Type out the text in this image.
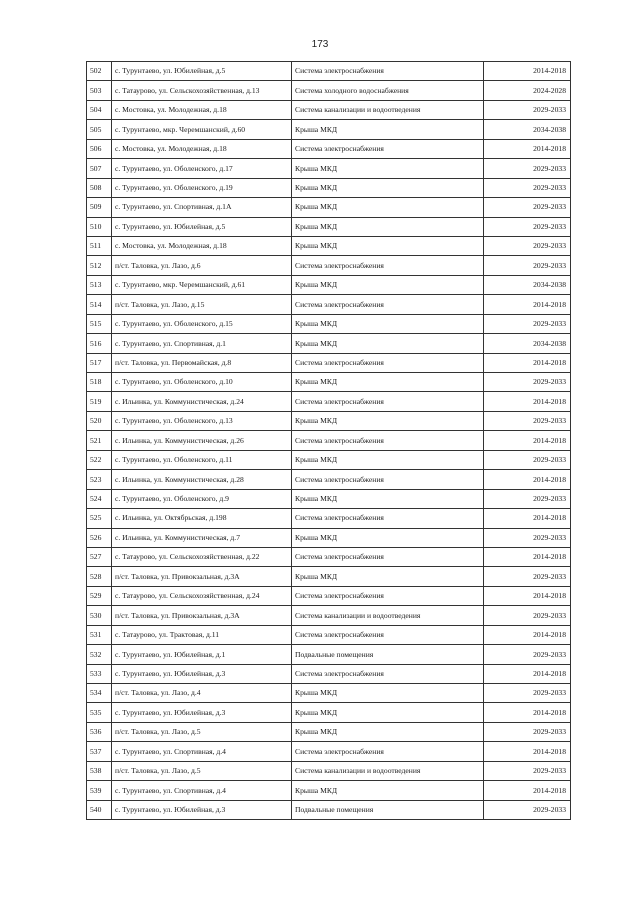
173
502	с. Турунтаево, ул. Юбилейная, д.5	Система электроснабжения	2014-2018
503	с. Татаурово, ул. Сельскохозяйственная, д.13	Система холодного водоснабжения	2024-2028
504	с. Мостовка, ул. Молодежная, д.18	Система канализации и водоотведения	2029-2033
505	с. Турунтаево, мкр. Черемшанский, д.60	Крыша МКД	2034-2038
506	с. Мостовка, ул. Молодежная, д.18	Система электроснабжения	2014-2018
507	с. Турунтаево, ул. Оболенского, д.17	Крыша МКД	2029-2033
508	с. Турунтаево, ул. Оболенского, д.19	Крыша МКД	2029-2033
509	с. Турунтаево, ул. Спортивная, д.1А	Крыша МКД	2029-2033
510	с. Турунтаево, ул. Юбилейная, д.5	Крыша МКД	2029-2033
511	с. Мостовка, ул. Молодежная, д.18	Крыша МКД	2029-2033
512	п/ст. Таловка, ул. Лазо, д.6	Система электроснабжения	2029-2033
513	с. Турунтаево, мкр. Черемшанский, д.61	Крыша МКД	2034-2038
514	п/ст. Таловка, ул. Лазо, д.15	Система электроснабжения	2014-2018
515	с. Турунтаево, ул. Оболенского, д.15	Крыша МКД	2029-2033
516	с. Турунтаево, ул. Спортивная, д.1	Крыша МКД	2034-2038
517	п/ст. Таловка, ул. Первомайская, д.8	Система электроснабжения	2014-2018
518	с. Турунтаево, ул. Оболенского, д.10	Крыша МКД	2029-2033
519	с. Ильинка, ул. Коммунистическая, д.24	Система электроснабжения	2014-2018
520	с. Турунтаево, ул. Оболенского, д.13	Крыша МКД	2029-2033
521	с. Ильинка, ул. Коммунистическая, д.26	Система электроснабжения	2014-2018
522	с. Турунтаево, ул. Оболенского, д.11	Крыша МКД	2029-2033
523	с. Ильинка, ул. Коммунистическая, д.28	Система электроснабжения	2014-2018
524	с. Турунтаево, ул. Оболенского, д.9	Крыша МКД	2029-2033
525	с. Ильинка, ул. Октябрьская, д.198	Система электроснабжения	2014-2018
526	с. Ильинка, ул. Коммунистическая, д.7	Крыша МКД	2029-2033
527	с. Татаурово, ул. Сельскохозяйственная, д.22	Система электроснабжения	2014-2018
528	п/ст. Таловка, ул. Привокзальная, д.3А	Крыша МКД	2029-2033
529	с. Татаурово, ул. Сельскохозяйственная, д.24	Система электроснабжения	2014-2018
530	п/ст. Таловка, ул. Привокзальная, д.3А	Система канализации и водоотведения	2029-2033
531	с. Татаурово, ул. Трактовая, д.11	Система электроснабжения	2014-2018
532	с. Турунтаево, ул. Юбилейная, д.1	Подвальные помещения	2029-2033
533	с. Турунтаево, ул. Юбилейная, д.3	Система электроснабжения	2014-2018
534	п/ст. Таловка, ул. Лазо, д.4	Крыша МКД	2029-2033
535	с. Турунтаево, ул. Юбилейная, д.3	Крыша МКД	2014-2018
536	п/ст. Таловка, ул. Лазо, д.5	Крыша МКД	2029-2033
537	с. Турунтаево, ул. Спортивная, д.4	Система электроснабжения	2014-2018
538	п/ст. Таловка, ул. Лазо, д.5	Система канализации и водоотведения	2029-2033
539	с. Турунтаево, ул. Спортивная, д.4	Крыша МКД	2014-2018
540	с. Турунтаево, ул. Юбилейная, д.3	Подвальные помещения	2029-2033
